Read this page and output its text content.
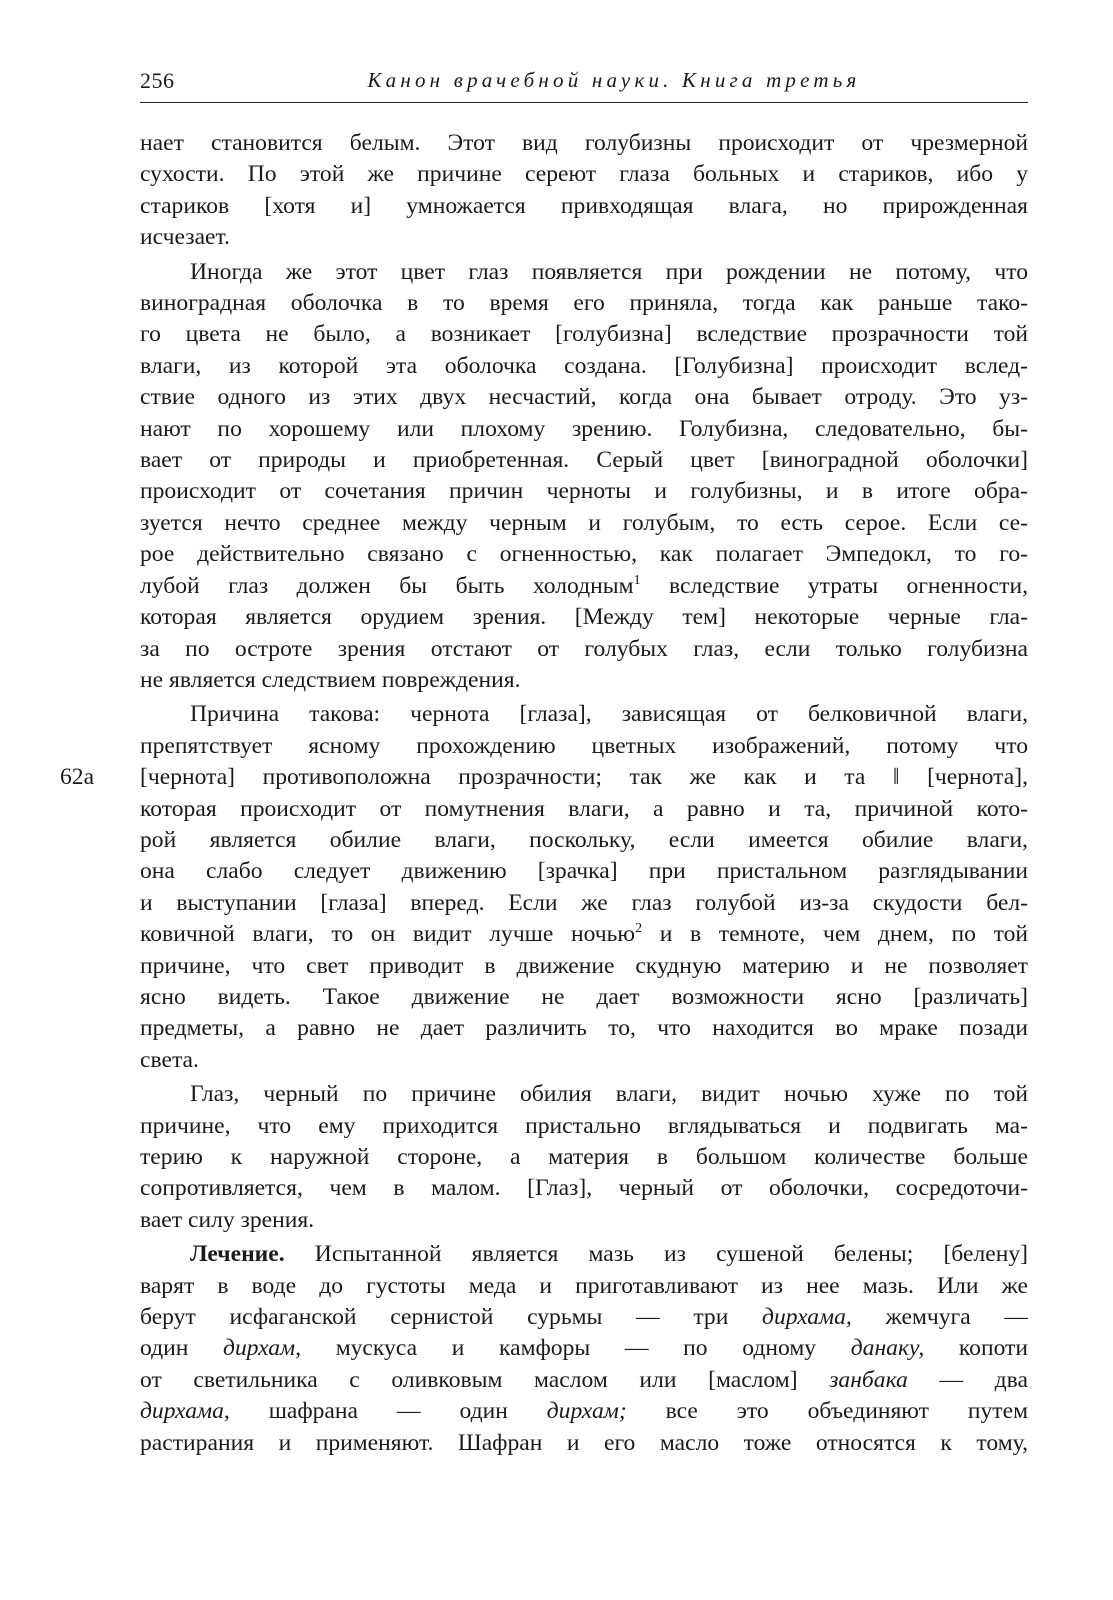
256	Канон врачебной науки. Книга третья
нает становится белым. Этот вид голубизны происходит от чрезмерной
сухости. По этой же причине сереют глаза больных и стариков, ибо у
стариков [хотя и] умножается привходящая влага, но прирожденная
исчезает.
Иногда же этот цвет глаз появляется при рождении не потому, что
виноградная оболочка в то время его приняла, тогда как раньше тако-
го цвета не было, а возникает [голубизна] вследствие прозрачности той
влаги, из которой эта оболочка создана. [Голубизна] происходит вслед-
ствие одного из этих двух несчастий, когда она бывает отроду. Это уз-
нают по хорошему или плохому зрению. Голубизна, следовательно, бы-
вает от природы и приобретенная. Серый цвет [виноградной оболочки]
происходит от сочетания причин черноты и голубизны, и в итоге обра-
зуется нечто среднее между черным и голубым, то есть серое. Если се-
рое действительно связано с огненностью, как полагает Эмпедокл, то го-
лубой глаз должен бы быть холодным$^1$ вследствие утраты огненности,
которая является орудием зрения. [Между тем] некоторые черные гла-
за по остроте зрения отстают от голубых глаз, если только голубизна
не является следствием повреждения.
Причина такова: чернота [глаза], зависящая от белковичной влаги,
препятствует ясному прохождению цветных изображений, потому что
62a [чернота] противоположна прозрачности; так же как и та ‖ [чернота],
которая происходит от помутнения влаги, а равно и та, причиной кото-
рой является обилие влаги, поскольку, если имеется обилие влаги,
она слабо следует движению [зрачка] при пристальном разглядывании
и выступании [глаза] вперед. Если же глаз голубой из-за скудости бел-
ковичной влаги, то он видит лучше ночью$^2$ и в темноте, чем днем, по той
причине, что свет приводит в движение скудную материю и не позволяет
ясно видеть. Такое движение не дает возможности ясно [различать]
предметы, а равно не дает различить то, что находится во мраке позади
света.
Глаз, черный по причине обилия влаги, видит ночью хуже по той
причине, что ему приходится пристально вглядываться и подвигать ма-
терию к наружной стороне, а материя в большом количестве больше
сопротивляется, чем в малом. [Глаз], черный от оболочки, сосредоточи-
вает силу зрения.
Лечение. Испытанной является мазь из сушеной белены; [белену]
варят в воде до густоты меда и приготавливают из нее мазь. Или же
берут исфаганской сернистой сурьмы — три дирхама, жемчуга —
один дирхам, мускуса и камфоры — по одному данаку, копоти
от светильника с оливковым маслом или [маслом] занбака — два
дирхама, шафрана — один дирхам; все это объединяют путем
растирания и применяют. Шафран и его масло тоже относятся к тому,
